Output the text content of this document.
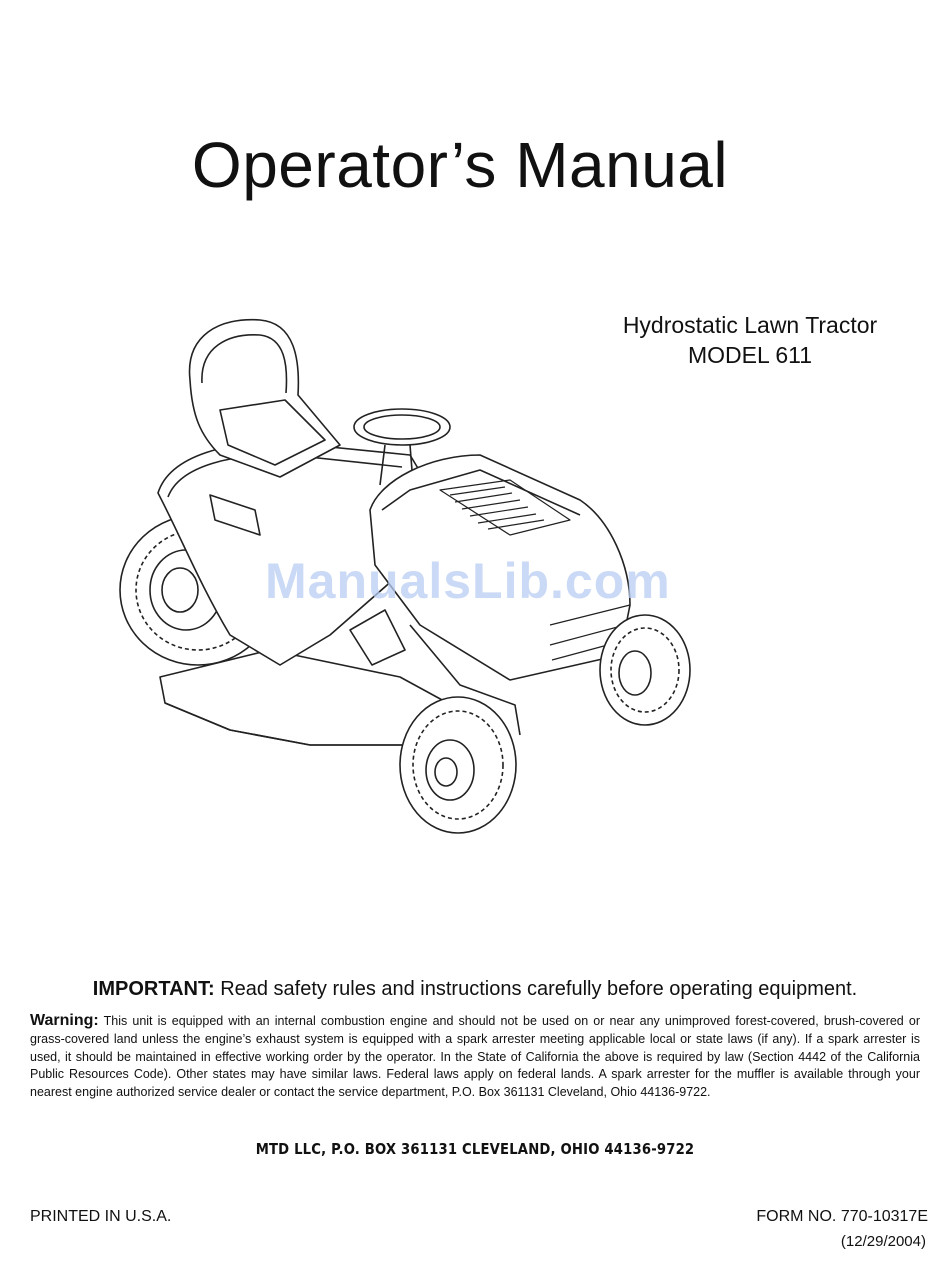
Operator’s Manual
Hydrostatic Lawn Tractor
MODEL 611
ManualsLib.com
IMPORTANT: Read safety rules and instructions carefully before operating equipment.
Warning: This unit is equipped with an internal combustion engine and should not be used on or near any unimproved forest-covered, brush-covered or grass-covered land unless the engine’s exhaust system is equipped with a spark arrester meeting applicable local or state laws (if any). If a spark arrester is used, it should be maintained in effective working order by the operator. In the State of California the above is required by law (Section 4442 of the California Public Resources Code). Other states may have similar laws. Federal laws apply on federal lands. A spark arrester for the muffler is available through your nearest engine authorized service dealer or contact the service department, P.O. Box 361131 Cleveland, Ohio 44136-9722.
MTD LLC, P.O. BOX 361131 CLEVELAND, OHIO 44136-9722
PRINTED IN U.S.A.	FORM NO. 770-10317E
(12/29/2004)
